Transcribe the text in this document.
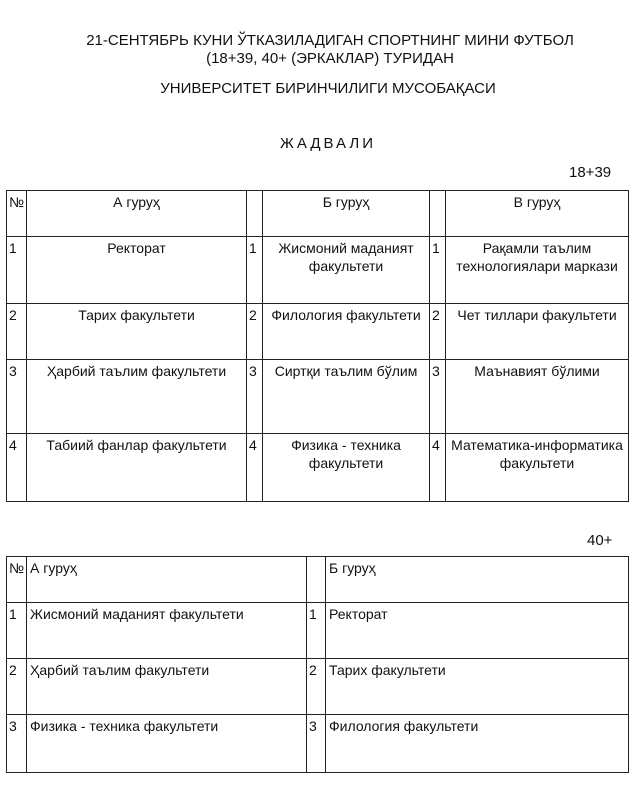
21-СЕНТЯБРЬ КУНИ ЎТКАЗИЛАДИГАН СПОРТНИНГ МИНИ ФУТБОЛ
(18+39, 40+ (ЭРКАКЛАР) ТУРИДАН
УНИВЕРСИТЕТ БИРИНЧИЛИГИ МУСОБАҚАСИ
ЖАДВАЛИ
18+39
№	А гуруҳ		Б гуруҳ		В гуруҳ
1	Ректорат	1	Жисмоний маданият факультети	1	Рақамли таълим технологиялари маркази
2	Тарих факультети	2	Филология факультети	2	Чет тиллари факультети
3	Ҳарбий таълим факультети	3	Сиртқи таълим бўлим	3	Маънавият бўлими
4	Табиий фанлар факультети	4	Физика - техника факультети	4	Математика-информатика факультети
40+
№	А гуруҳ		Б гуруҳ
1	Жисмоний маданият факультети	1	Ректорат
2	Ҳарбий таълим факультети	2	Тарих факультети
3	Физика - техника факультети	3	Филология факультети
